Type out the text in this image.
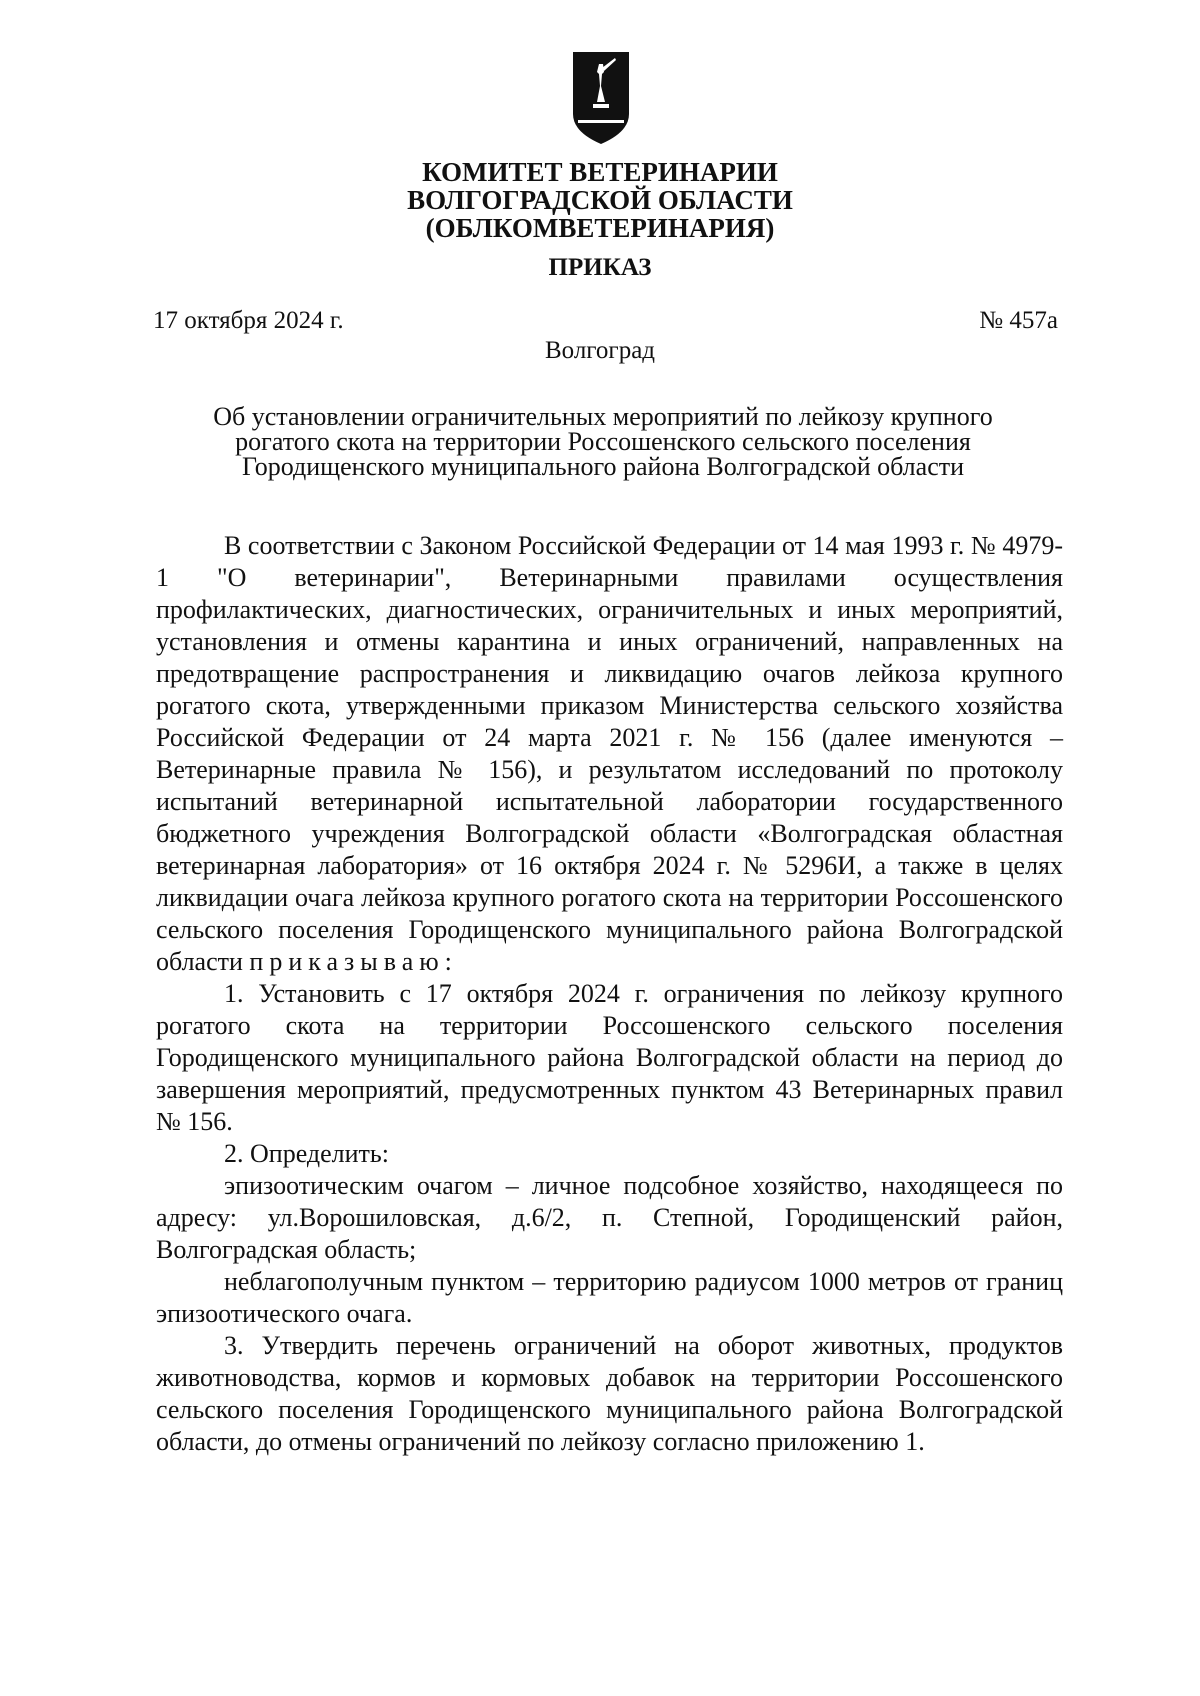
КОМИТЕТ ВЕТЕРИНАРИИ
ВОЛГОГРАДСКОЙ ОБЛАСТИ
(ОБЛКОМВЕТЕРИНАРИЯ)
ПРИКАЗ
17 октября 2024 г.	№ 457а
Волгоград
Об установлении ограничительных мероприятий по лейкозу крупного
рогатого скота на территории Россошенского сельского поселения
Городищенского муниципального района Волгоградской области

В соответствии с Законом Российской Федерации от 14 мая 1993 г. № 4979-1 "О ветеринарии", Ветеринарными правилами осуществления профилактических, диагностических, ограничительных и иных мероприятий, установления и отмены карантина и иных ограничений, направленных на предотвращение распространения и ликвидацию очагов лейкоза крупного рогатого скота, утвержденными приказом Министерства сельского хозяйства Российской Федерации от 24 марта 2021 г. № 156 (далее именуются – Ветеринарные правила № 156), и результатом исследований по протоколу испытаний ветеринарной испытательной лаборатории государственного бюджетного учреждения Волгоградской области «Волгоградская областная ветеринарная лаборатория» от 16 октября 2024 г. № 5296И, а также в целях ликвидации очага лейкоза крупного рогатого скота на территории Россошенского сельского поселения Городищенского муниципального района Волгоградской области приказываю:

1. Установить с 17 октября 2024 г. ограничения по лейкозу крупного рогатого скота на территории Россошенского сельского поселения Городищенского муниципального района Волгоградской области на период до завершения мероприятий, предусмотренных пунктом 43 Ветеринарных правил № 156.

2. Определить:

эпизоотическим очагом – личное подсобное хозяйство, находящееся по адресу: ул.Ворошиловская, д.6/2, п. Степной, Городищенский район, Волгоградская область;

неблагополучным пунктом – территорию радиусом 1000 метров от границ эпизоотического очага.

3. Утвердить перечень ограничений на оборот животных, продуктов животноводства, кормов и кормовых добавок на территории Россошенского сельского поселения Городищенского муниципального района Волгоградской области, до отмены ограничений по лейкозу согласно приложению 1.
